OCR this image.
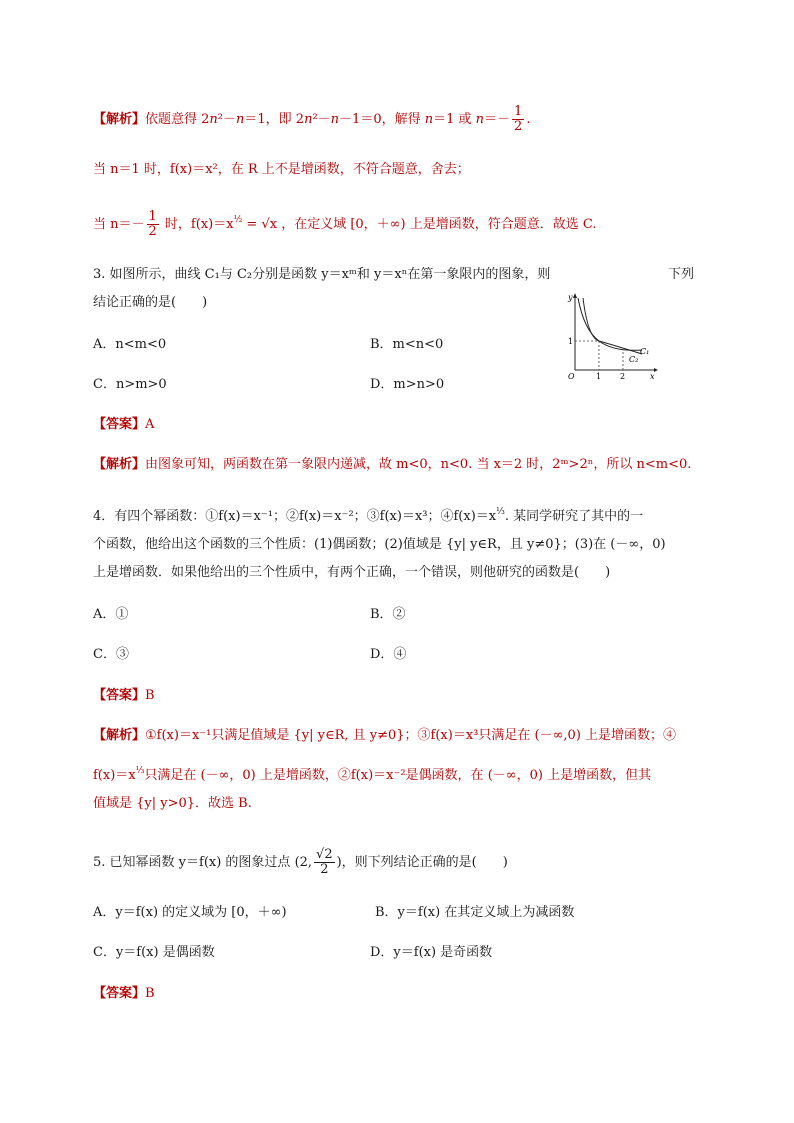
【解析】依题意得 2n²－n＝1，即 2n²－n－1＝0，解得 n＝1 或 $n=- \frac{1}{2}$ .
当 n＝1 时，f(x)＝x²，在 R 上不是增函数，不符合题意，舍去；
当 $n=- \frac{1}{2}$ 时，$f(x)=x^{\frac{1}{2}} = √x$ ，在定义域 [0，＋∞) 上是增函数，符合题意．故选 C.
3. 如图所示，曲线 C₁与 C₂分别是函数 y＝xᵐ和 y＝xⁿ在第一象限内的图象，则	下列
结论正确的是(　　)
A．n<m<0	B．m<n<0
C．n>m>0	D．m>n>0
y
x
O	1 2
1
C₁
C₂
【答案】A
【解析】由图象可知，两函数在第一象限内递减，故 m<0，n<0. 当 x＝2 时，2ᵐ>2ⁿ，所以 n<m<0.
4．有四个幂函数：①f(x)＝x⁻¹；②f(x)＝x⁻²；③f(x)＝x³；$④f(x)=x^{\frac{1}{3}}$. 某同学研究了其中的一
个函数，他给出这个函数的三个性质：(1)偶函数；(2)值域是 {y| y∈R，且 y≠0}；(3)在 (－∞，0)
上是增函数．如果他给出的三个性质中，有两个正确，一个错误，则他研究的函数是(　　)
A．①	B．②
C．③	D．④
【答案】B
【解析】①f(x)＝x⁻¹只满足值域是 {y| y∈R, 且 y≠0}；③f(x)＝x³只满足在 (－∞,0) 上是增函数；④
$f(x)=x^{\frac{1}{3}}$只满足在 (－∞，0) 上是增函数，②f(x)＝x⁻²是偶函数，在 (－∞，0) 上是增函数，但其
值域是 {y| y>0}．故选 B.
5. 已知幂函数 y＝f(x) 的图象过点 (2, $\frac{√2}{2}$ )，则下列结论正确的是(　　)
A．y＝f(x) 的定义域为 [0，＋∞)	B．y＝f(x) 在其定义域上为减函数
C．y＝f(x) 是偶函数	D．y＝f(x) 是奇函数
【答案】B
